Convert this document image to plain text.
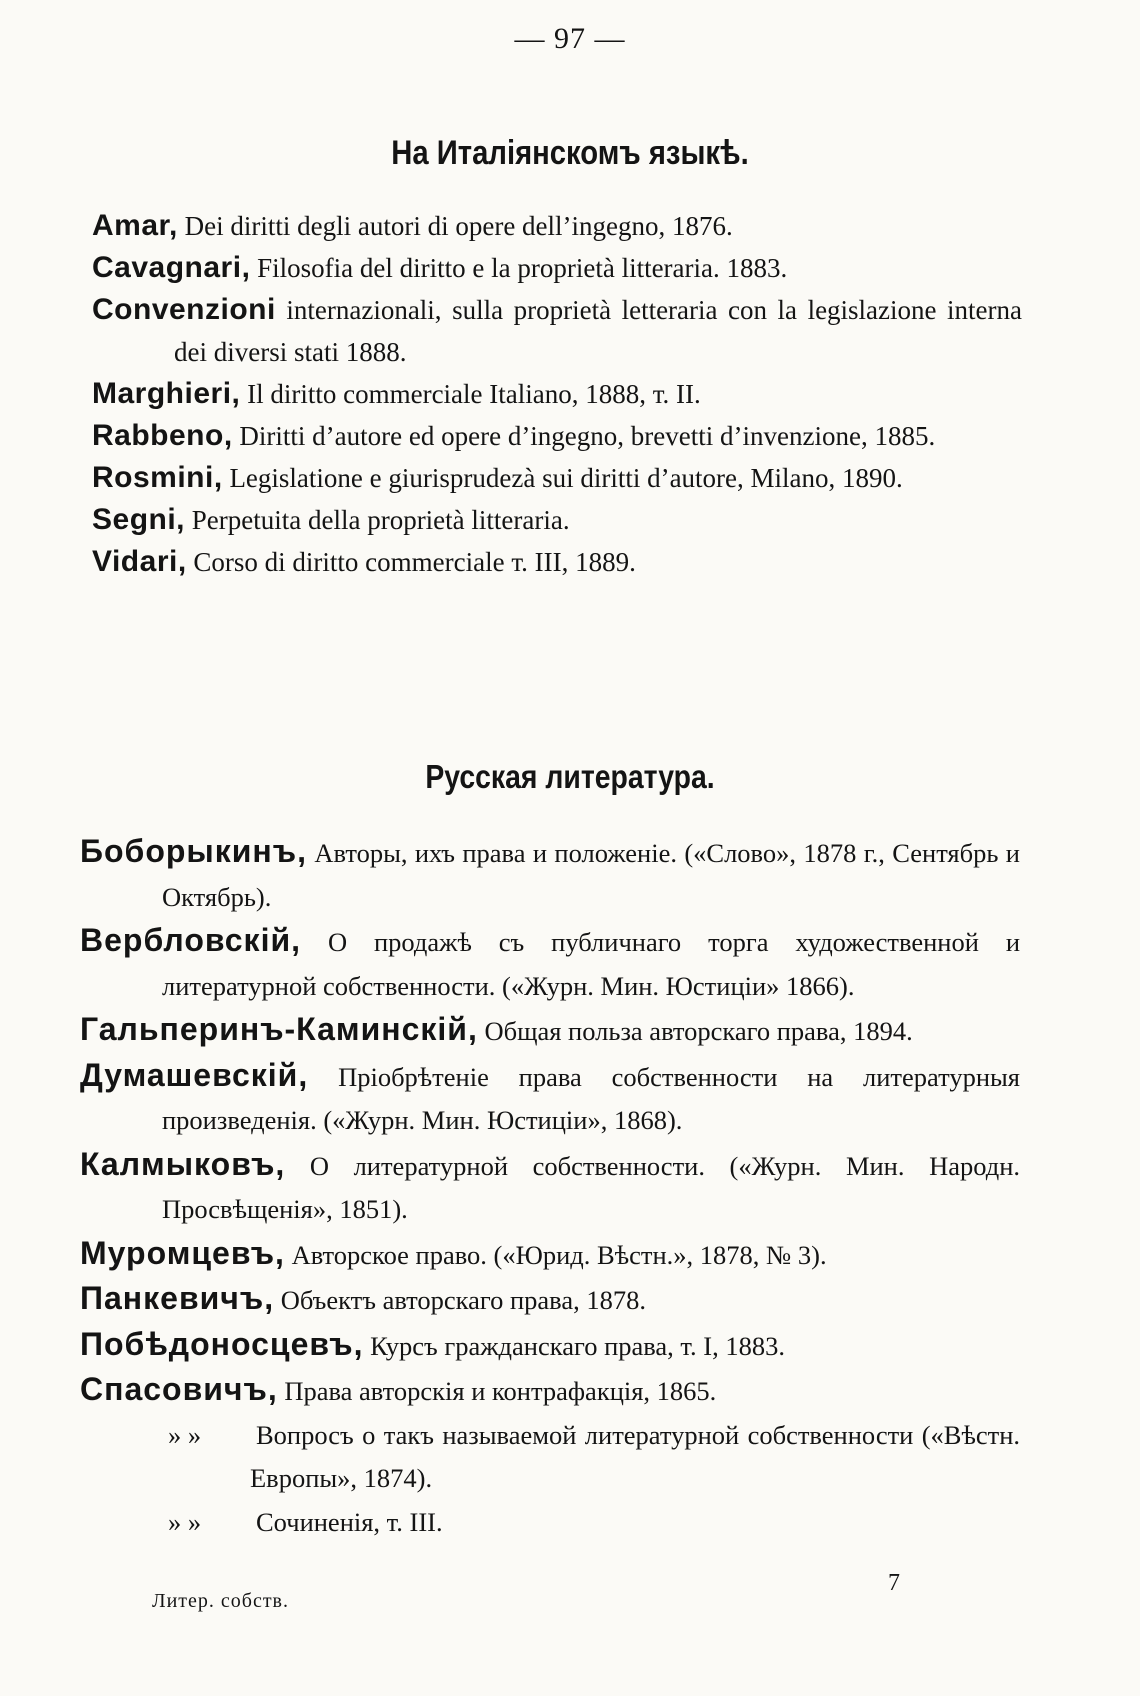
— 97 —
На Италiянскомъ языкѣ.

Amar, Dei diritti degli autori di opere dell’ingegno, 1876.

Cavagnari, Filosofia del diritto e la proprietà litteraria. 1883.

Convenzioni internazionali, sulla proprietà letteraria con la legislazione interna dei diversi stati 1888.

Marghieri, Il diritto commerciale Italiano, 1888, т. II.

Rabbeno, Diritti d’autore ed opere d’ingegno, brevetti d’invenzione, 1885.

Rosmini, Legislatione e giurisprudezà sui diritti d’autore, Milano, 1890.

Segni, Perpetuita della proprietà litteraria.

Vidari, Corso di diritto commerciale т. III, 1889.

Русская литература.

Боборыкинъ, Авторы, ихъ права и положенiе. («Слово», 1878 г., Сентябрь и Октябрь).

Вербловскiй, О продажѣ съ публичнаго торга художественной и литературной собственности. («Журн. Мин. Юстицiи» 1866).

Гальперинъ-Каминскiй, Общая польза авторскаго права, 1894.

Думашевскiй, Прiобрѣтенiе права собственности на литературныя произведенiя. («Журн. Мин. Юстицiи», 1868).

Калмыковъ, О литературной собственности. («Журн. Мин. Народн. Просвѣщенiя», 1851).

Муромцевъ, Авторское право. («Юрид. Вѣстн.», 1878, № 3).

Панкевичъ, Объектъ авторскаго права, 1878.

Побѣдоносцевъ, Курсъ гражданскаго права, т. I, 1883.

Спасовичъ, Права авторскiя и контрафакцiя, 1865.

» » Вопросъ о такъ называемой литературной собственности («Вѣстн. Европы», 1874).

» » Сочиненiя, т. III.

Литер. собств.
7
